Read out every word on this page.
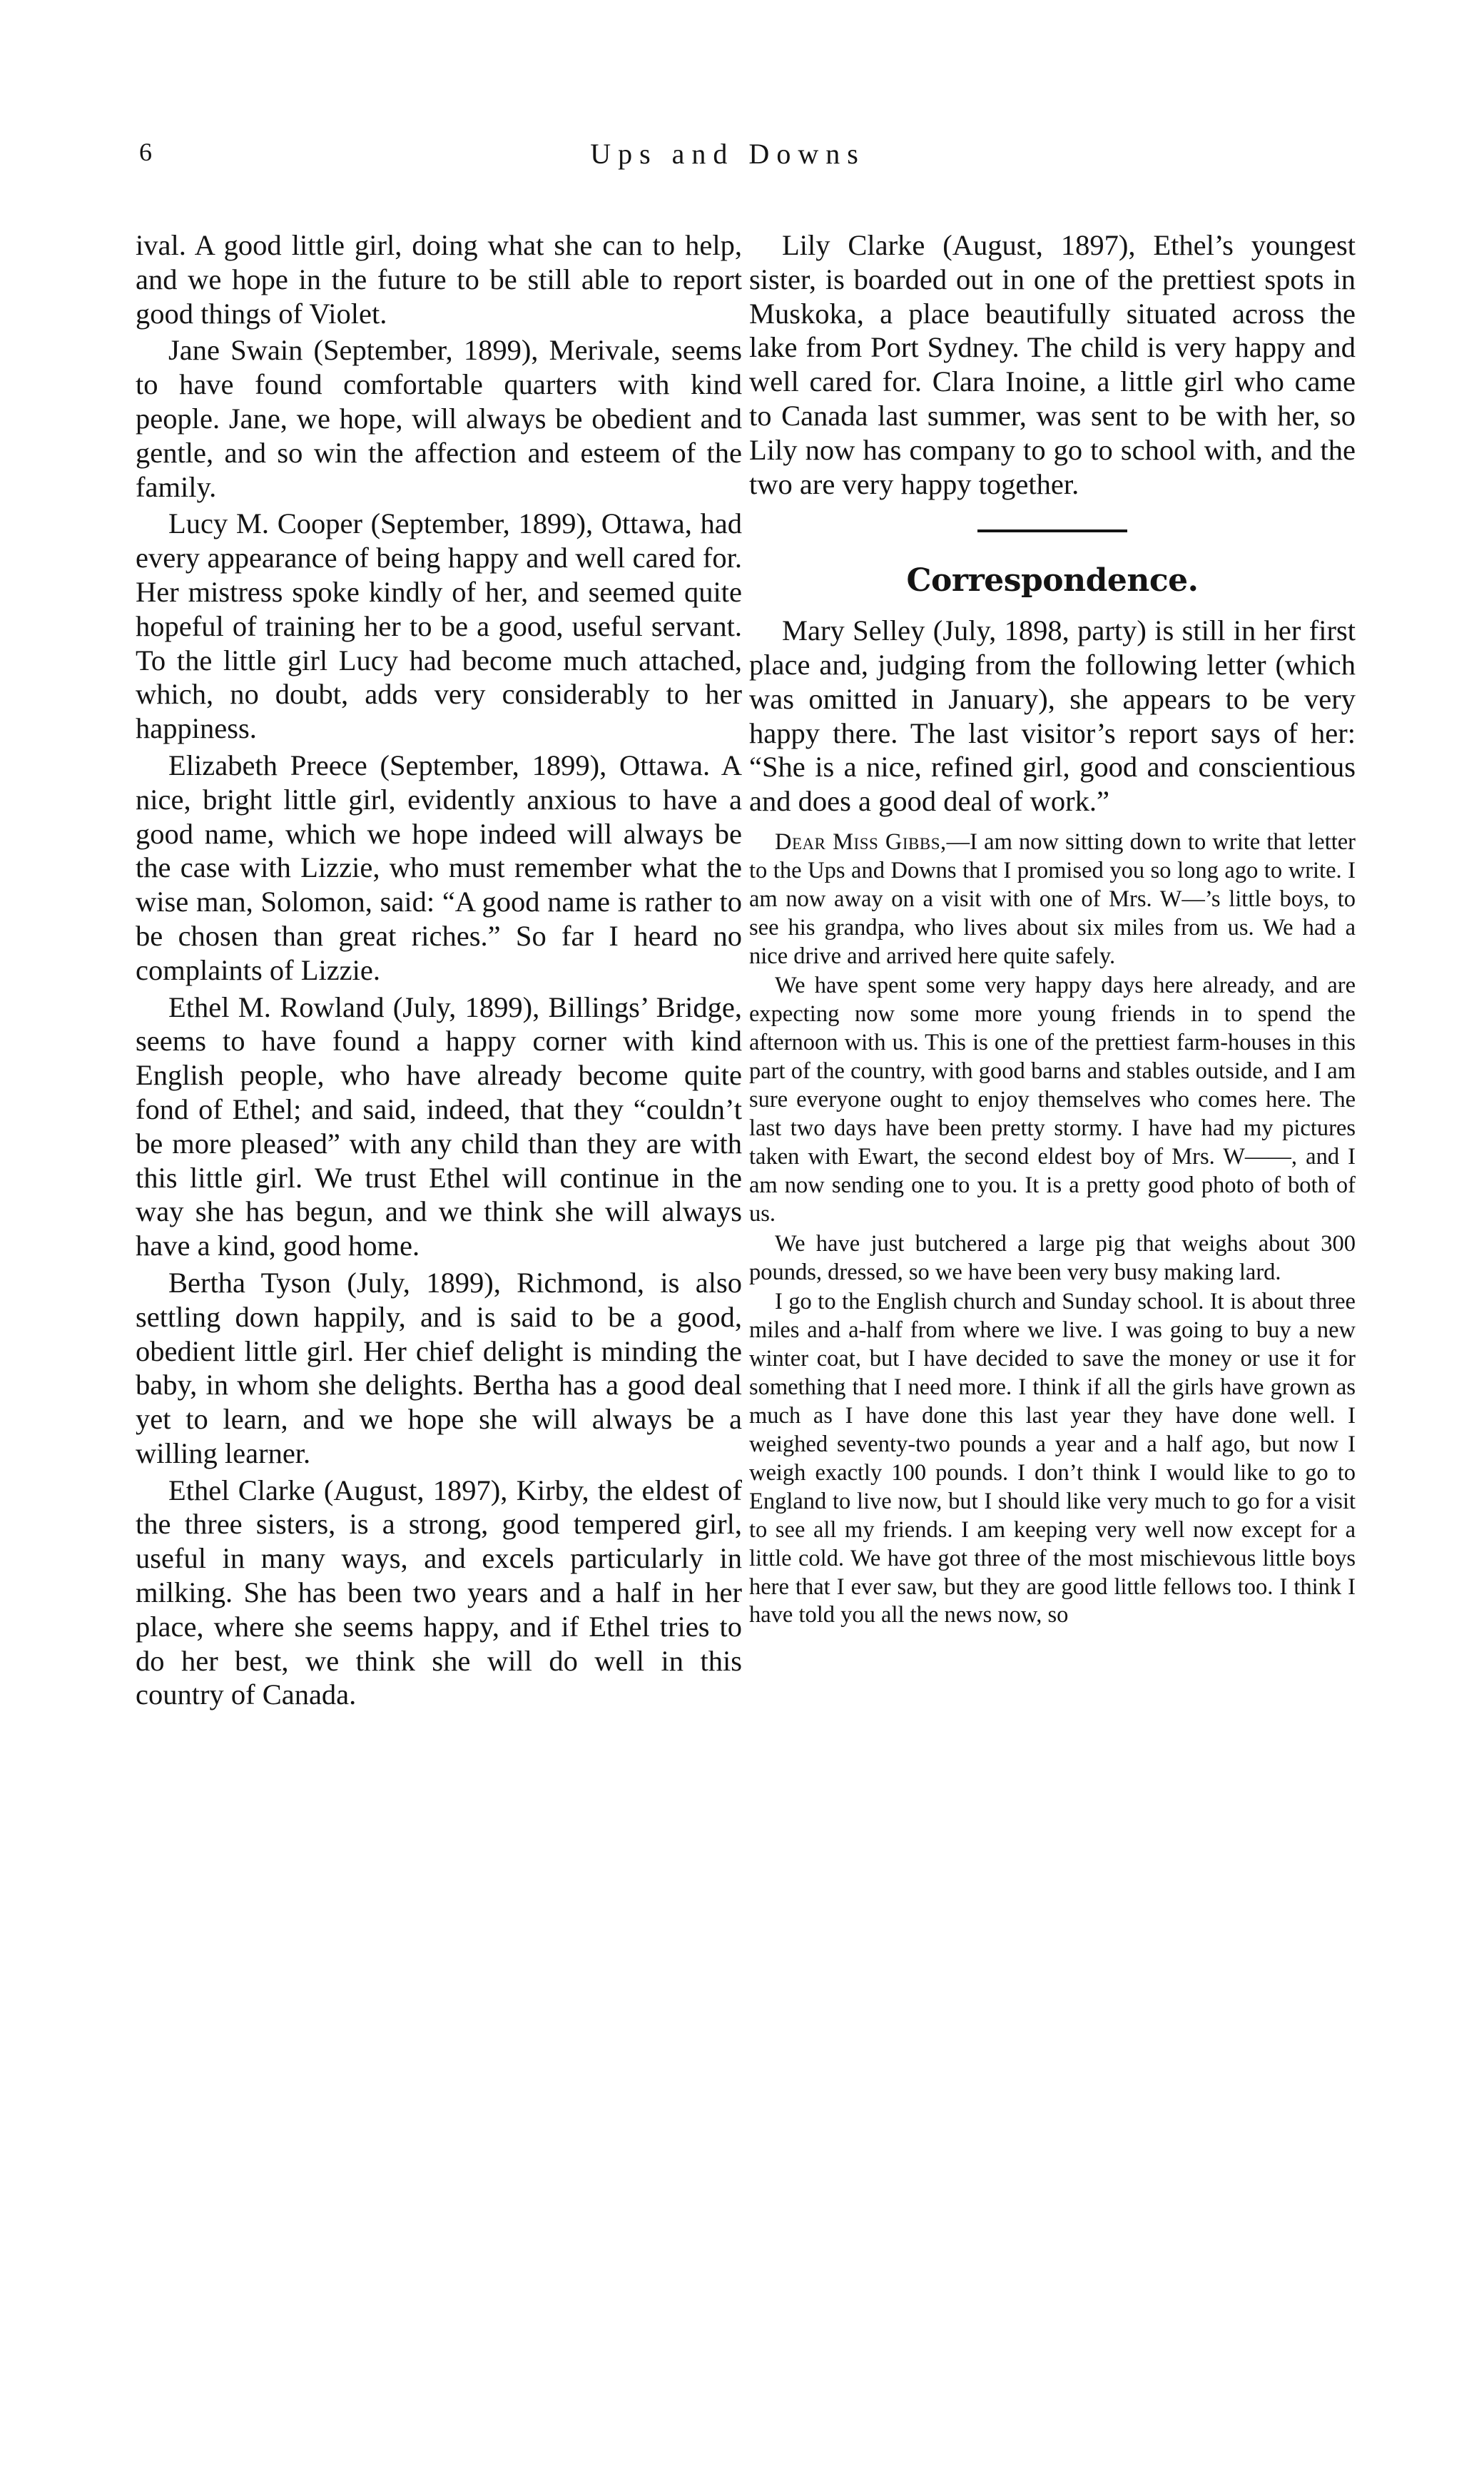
6	Ups and Downs

ival. A good little girl, doing what she can to help, and we hope in the future to be still able to report good things of Violet.

Jane Swain (September, 1899), Merivale, seems to have found comfortable quarters with kind people. Jane, we hope, will always be obedient and gentle, and so win the affection and esteem of the family.

Lucy M. Cooper (September, 1899), Ottawa, had every appearance of being happy and well cared for. Her mistress spoke kindly of her, and seemed quite hopeful of training her to be a good, useful servant. To the little girl Lucy had become much attached, which, no doubt, adds very considerably to her happiness.

Elizabeth Preece (September, 1899), Ottawa. A nice, bright little girl, evidently anxious to have a good name, which we hope indeed will always be the case with Lizzie, who must remember what the wise man, Solomon, said: “A good name is rather to be chosen than great riches.” So far I heard no complaints of Lizzie.

Ethel M. Rowland (July, 1899), Billings’ Bridge, seems to have found a happy corner with kind English people, who have already become quite fond of Ethel; and said, indeed, that they “couldn’t be more pleased” with any child than they are with this little girl. We trust Ethel will continue in the way she has begun, and we think she will always have a kind, good home.

Bertha Tyson (July, 1899), Richmond, is also settling down happily, and is said to be a good, obedient little girl. Her chief delight is minding the baby, in whom she delights. Bertha has a good deal yet to learn, and we hope she will always be a willing learner.

Ethel Clarke (August, 1897), Kirby, the eldest of the three sisters, is a strong, good tempered girl, useful in many ways, and excels particularly in milking. She has been two years and a half in her place, where she seems happy, and if Ethel tries to do her best, we think she will do well in this country of Canada.

Lily Clarke (August, 1897), Ethel’s youngest sister, is boarded out in one of the prettiest spots in Muskoka, a place beautifully situated across the lake from Port Sydney. The child is very happy and well cared for. Clara Inoine, a little girl who came to Canada last summer, was sent to be with her, so Lily now has company to go to school with, and the two are very happy together.

Correspondence.

Mary Selley (July, 1898, party) is still in her first place and, judging from the following letter (which was omitted in January), she appears to be very happy there. The last visitor’s report says of her: “She is a nice, refined girl, good and conscientious and does a good deal of work.”

Dear Miss Gibbs,—I am now sitting down to write that letter to the Ups and Downs that I promised you so long ago to write. I am now away on a visit with one of Mrs. W—’s little boys, to see his grandpa, who lives about six miles from us. We had a nice drive and arrived here quite safely.

We have spent some very happy days here already, and are expecting now some more young friends in to spend the afternoon with us. This is one of the prettiest farm-houses in this part of the country, with good barns and stables outside, and I am sure everyone ought to enjoy themselves who comes here. The last two days have been pretty stormy. I have had my pictures taken with Ewart, the second eldest boy of Mrs. W——, and I am now sending one to you. It is a pretty good photo of both of us.

We have just butchered a large pig that weighs about 300 pounds, dressed, so we have been very busy making lard.

I go to the English church and Sunday school. It is about three miles and a-half from where we live. I was going to buy a new winter coat, but I have decided to save the money or use it for something that I need more. I think if all the girls have grown as much as I have done this last year they have done well. I weighed seventy-two pounds a year and a half ago, but now I weigh exactly 100 pounds. I don’t think I would like to go to England to live now, but I should like very much to go for a visit to see all my friends. I am keeping very well now except for a little cold. We have got three of the most mischievous little boys here that I ever saw, but they are good little fellows too. I think I have told you all the news now, so
